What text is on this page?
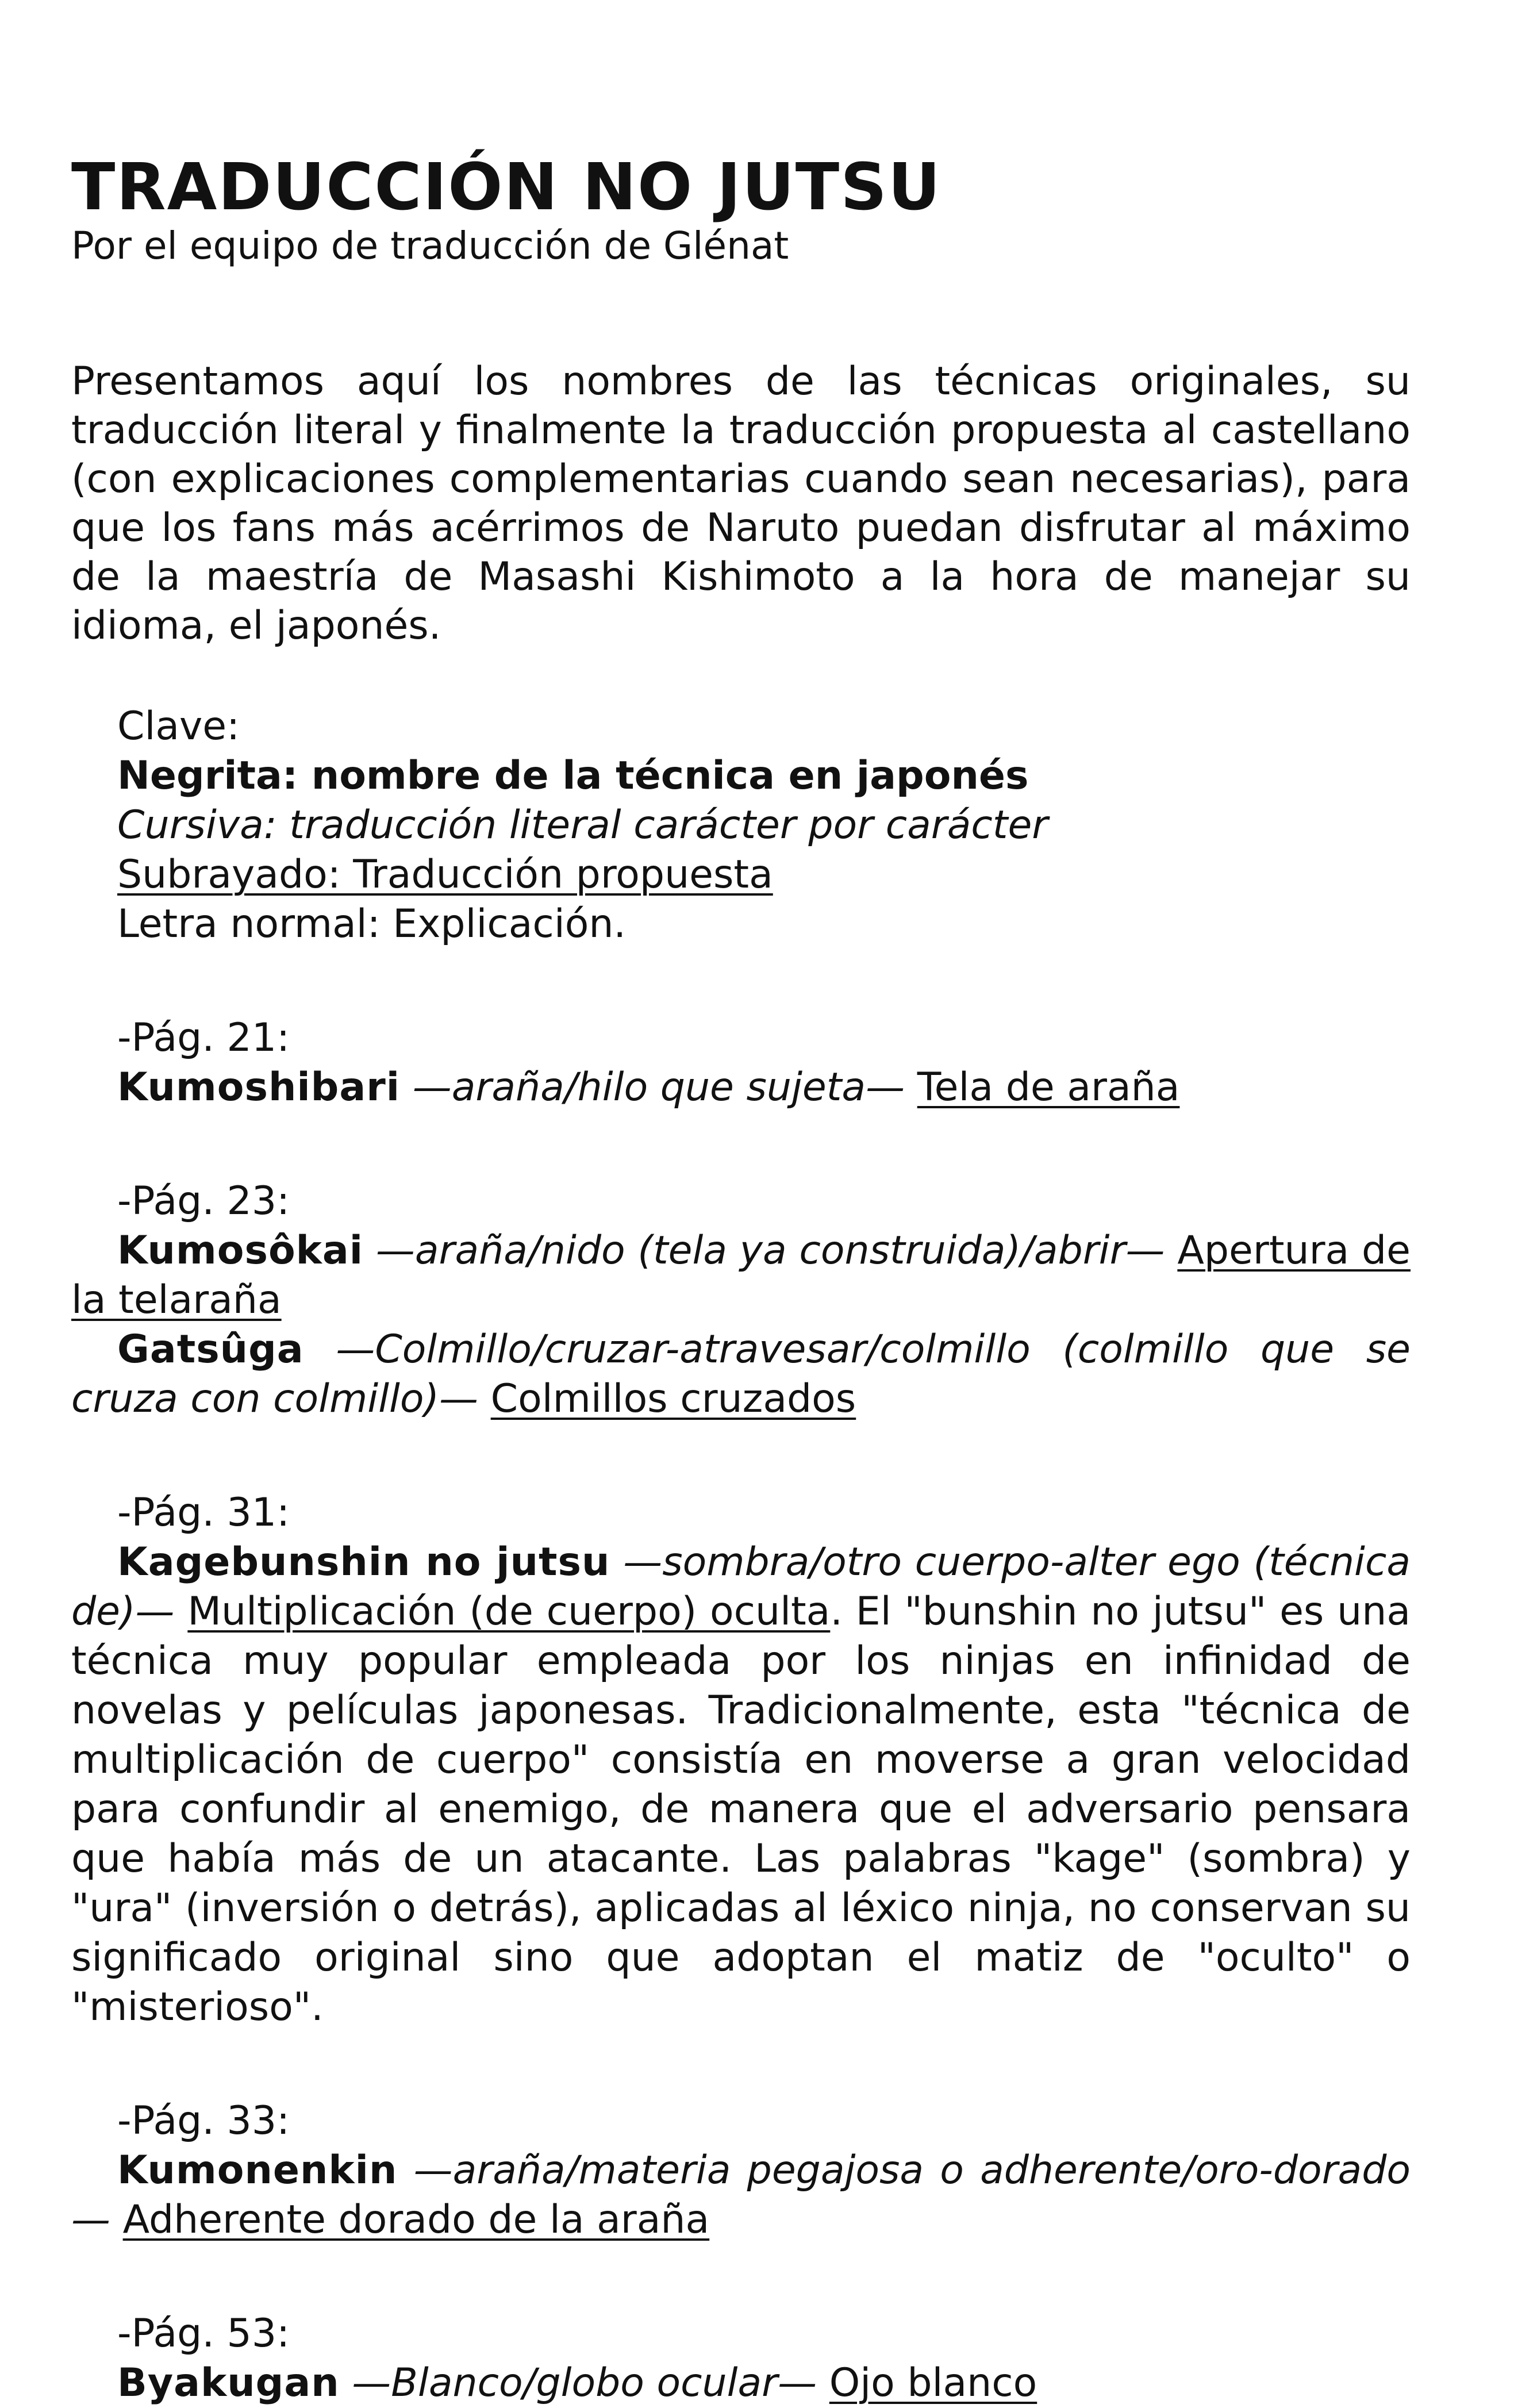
TRADUCCIÓN NO JUTSU

Por el equipo de traducción de Glénat

Presentamos aquí los nombres de las técnicas originales, su traducción literal y finalmente la traducción propuesta al castellano (con explicaciones complementarias cuando sean necesarias), para que los fans más acérrimos de Naruto puedan disfrutar al máximo de la maestría de Masashi Kishimoto a la hora de manejar su idioma, el japonés.

Clave:
Negrita: nombre de la técnica en japonés
Cursiva: traducción literal carácter por carácter
Subrayado: Traducción propuesta
Letra normal: Explicación.
-Pág. 21:

Kumoshibari —araña/hilo que sujeta— Tela de araña

-Pág. 23:

Kumosôkai —araña/nido (tela ya construida)/abrir— Apertura de la telaraña

Gatsûga —Colmillo/cruzar-atravesar/colmillo (colmillo que se cruza con colmillo)— Colmillos cruzados

-Pág. 31:

Kagebunshin no jutsu —sombra/otro cuerpo-alter ego (técnica de)— Multiplicación (de cuerpo) oculta. El "bunshin no jutsu" es una técnica muy popular empleada por los ninjas en infinidad de novelas y películas japonesas. Tradicionalmente, esta "técnica de multiplicación de cuerpo" consistía en moverse a gran velocidad para confundir al enemigo, de manera que el adversario pensara que había más de un atacante. Las palabras "kage" (sombra) y "ura" (inversión o detrás), aplicadas al léxico ninja, no conservan su significado original sino que adoptan el matiz de "oculto" o "misterioso".

-Pág. 33:

Kumonenkin —araña/materia pegajosa o adherente/oro-dorado— Adherente dorado de la araña

-Pág. 53:

Byakugan —Blanco/globo ocular— Ojo blanco
